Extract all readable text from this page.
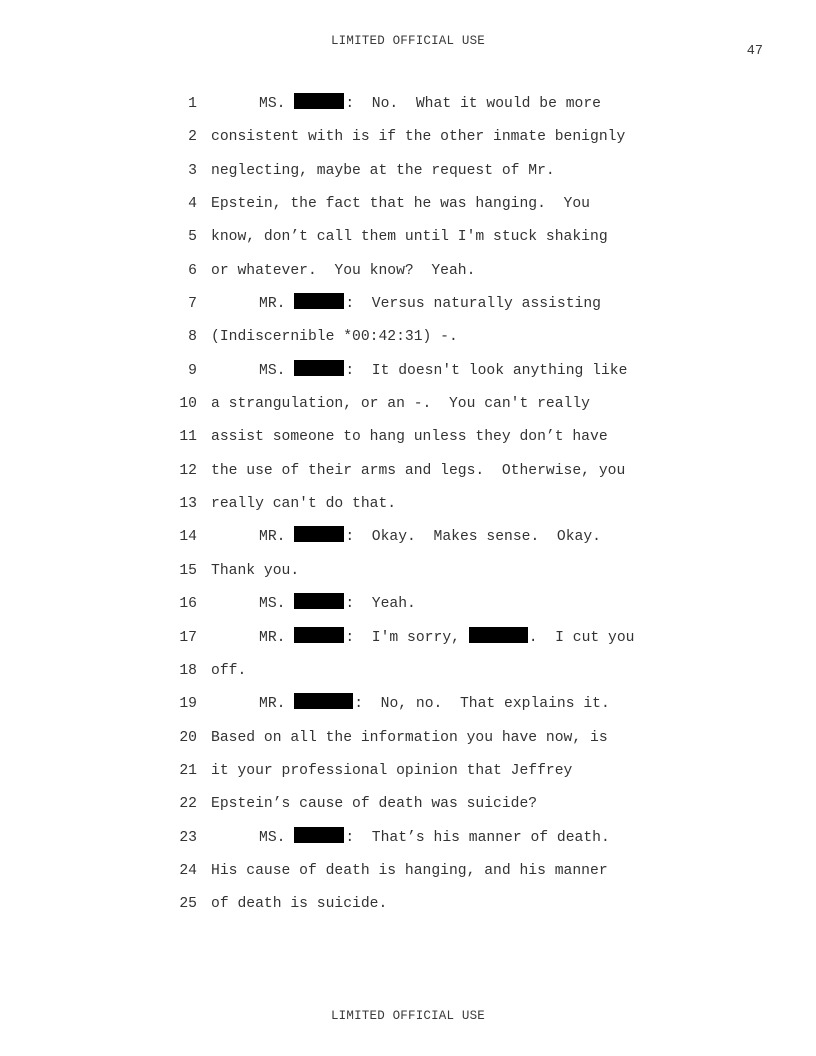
LIMITED OFFICIAL USE
47
1	MS.	:  No.  What it would be more
2 consistent with is if the other inmate benignly
3 neglecting, maybe at the request of Mr.
4 Epstein, the fact that he was hanging.  You
5 know, don’t call them until I'm stuck shaking
6 or whatever.  You know?  Yeah.
7	MR.	:  Versus naturally assisting
8 (Indiscernible *00:42:31) -.
9	MS.	:  It doesn't look anything like
10 a strangulation, or an -.  You can't really
11 assist someone to hang unless they don’t have
12 the use of their arms and legs.  Otherwise, you
13 really can't do that.
14	MR.	:  Okay.  Makes sense.  Okay.
15 Thank you.
16	MS.	:  Yeah.
17	MR.	:  I'm sorry,	.  I cut you
18 off.
19	MR.	:  No, no.  That explains it.
20 Based on all the information you have now, is
21 it your professional opinion that Jeffrey
22 Epstein’s cause of death was suicide?
23	MS.	:  That’s his manner of death.
24 His cause of death is hanging, and his manner
25 of death is suicide.
LIMITED OFFICIAL USE
